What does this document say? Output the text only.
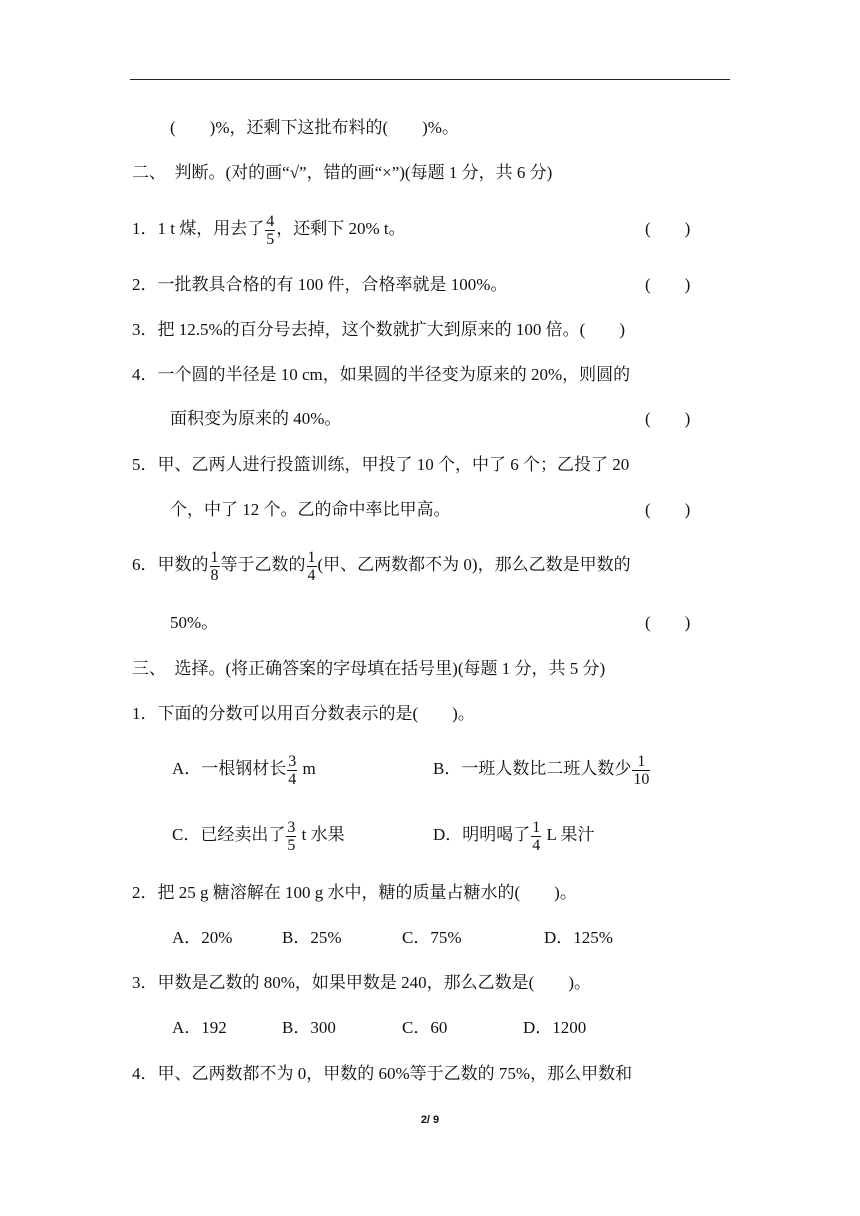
(　　)%，还剩下这批布料的(　　)%。
二、　判断。(对的画“√”，错的画“×”)(每题 1 分，共 6 分)
1．1 t 煤，用去了 $\frac{4}{5}$ ，还剩下 20% t。	(　　)
2．一批教具合格的有 100 件，合格率就是 100%。	(　　)
3．把 12.5%的百分号去掉，这个数就扩大到原来的 100 倍。(　　)
4．一个圆的半径是 10 cm，如果圆的半径变为原来的 20%，则圆的
面积变为原来的 40%。	(　　)
5．甲、乙两人进行投篮训练，甲投了 10 个，中了 6 个；乙投了 20
个，中了 12 个。乙的命中率比甲高。	(　　)
6．甲数的 $\frac{1}{8}$ 等于乙数的 $\frac{1}{4}$ (甲、乙两数都不为 0)，那么乙数是甲数的
50%。	(　　)
三、　选择。(将正确答案的字母填在括号里)(每题 1 分，共 5 分)
1．下面的分数可以用百分数表示的是(　　)。
A．一根钢材长 $\frac{3}{4}$ m	B．一班人数比二班人数少 $\frac{1}{10}$
C．已经卖出了 $\frac{3}{5}$ t 水果	D．明明喝了 $\frac{1}{4}$ L 果汁
2．把 25 g 糖溶解在 100 g 水中，糖的质量占糖水的(　　)。
A．20%	B．25%	C．75%	D．125%
3．甲数是乙数的 80%，如果甲数是 240，那么乙数是(　　)。
A．192	B．300	C．60	D．1200
4．甲、乙两数都不为 0，甲数的 60%等于乙数的 75%，那么甲数和
2/ 9
